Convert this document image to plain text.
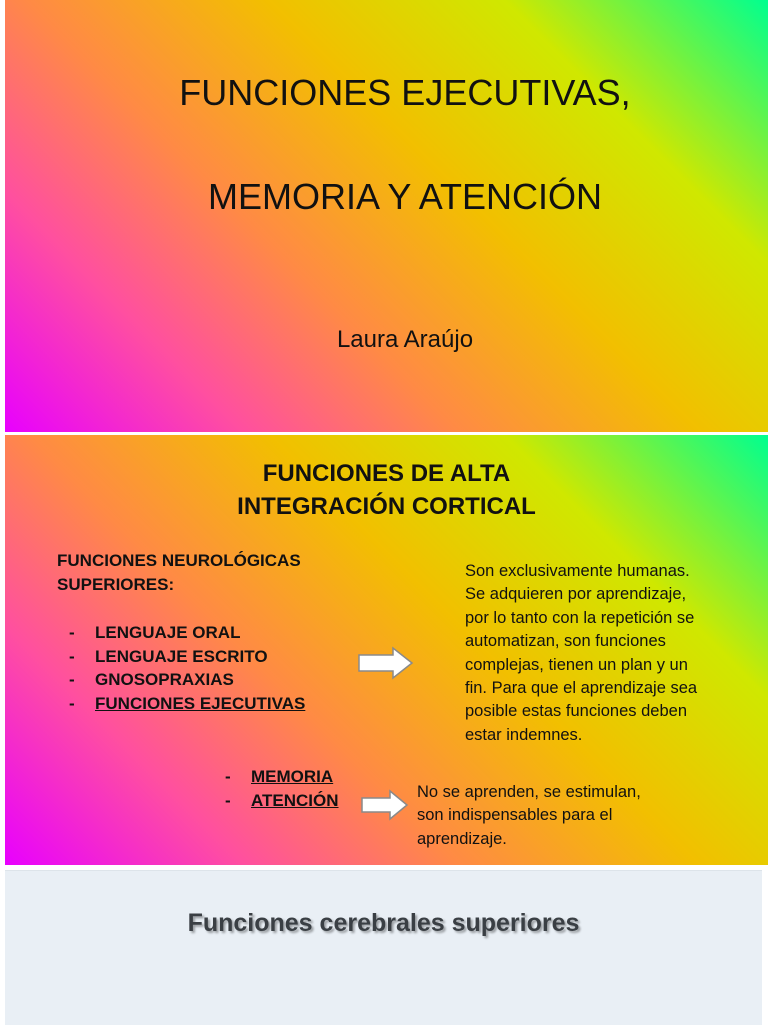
FUNCIONES EJECUTIVAS,
MEMORIA Y ATENCIÓN
Laura Araújo
FUNCIONES DE ALTA
INTEGRACIÓN CORTICAL
FUNCIONES NEUROLÓGICAS
SUPERIORES:
- LENGUAJE ORAL
- LENGUAJE ESCRITO
- GNOSOPRAXIAS
- FUNCIONES EJECUTIVAS
Son exclusivamente humanas.
Se adquieren por aprendizaje,
por lo tanto con la repetición se
automatizan, son funciones
complejas, tienen un plan y un
fin. Para que el aprendizaje sea
posible estas funciones deben
estar indemnes.
- MEMORIA
- ATENCIÓN	No se aprenden, se estimulan,
son indispensables para el
aprendizaje.
Funciones cerebrales superiores
